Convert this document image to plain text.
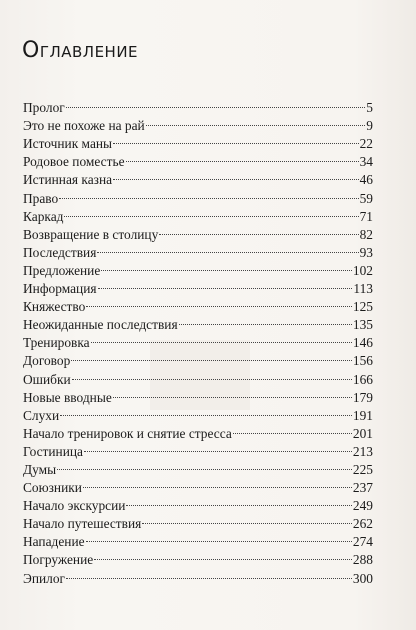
Оглавление
Пролог	5
Это не похоже на рай	9
Источник маны	22
Родовое поместье	34
Истинная казна	46
Право	59
Каркад	71
Возвращение в столицу	82
Последствия	93
Предложение	102
Информация	113
Княжество	125
Неожиданные последствия	135
Тренировка	146
Договор	156
Ошибки	166
Новые вводные	179
Слухи	191
Начало тренировок и снятие стресса	201
Гостиница	213
Думы	225
Союзники	237
Начало экскурсии	249
Начало путешествия	262
Нападение	274
Погружение	288
Эпилог	300
